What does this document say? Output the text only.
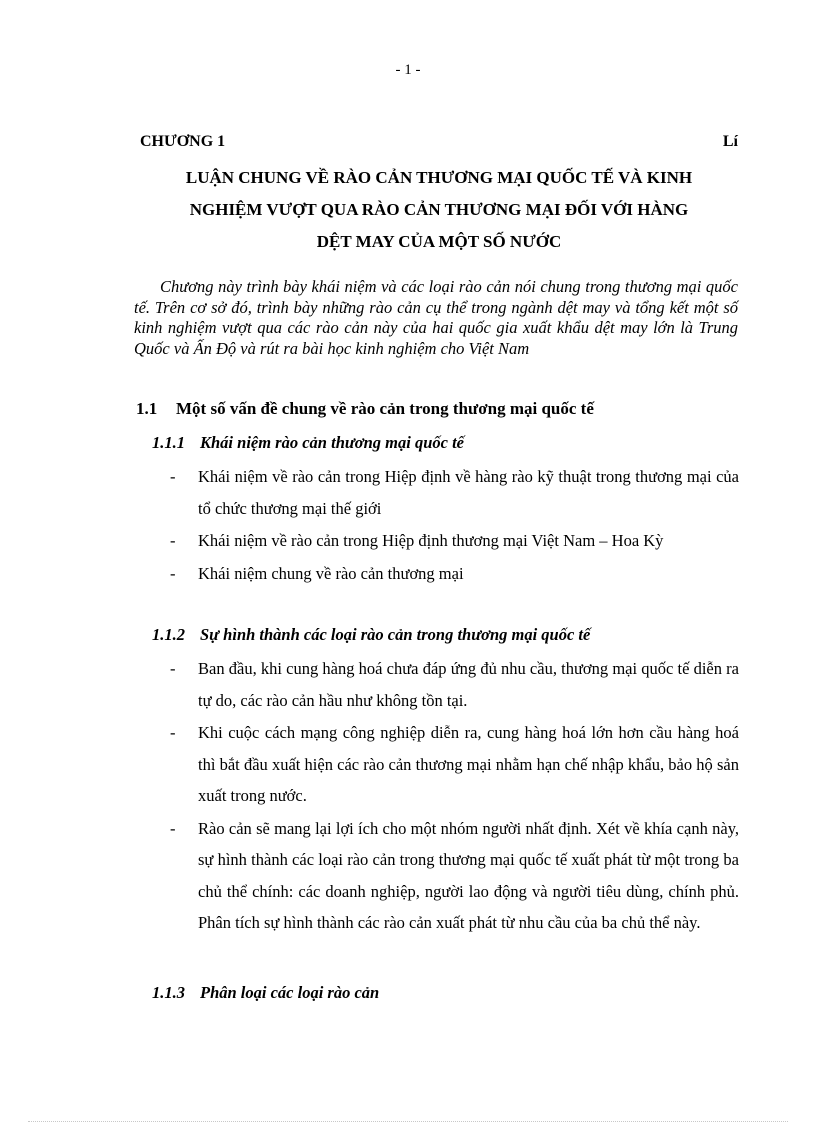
- 1 -
CHƯƠNG 1	Lí
LUẬN CHUNG VỀ RÀO CẢN THƯƠNG MẠI QUỐC TẾ VÀ KINH
NGHIỆM VƯỢT QUA RÀO CẢN THƯƠNG MẠI ĐỐI VỚI HÀNG
DỆT MAY CỦA MỘT SỐ NƯỚC

Chương này trình bày khái niệm và các loại rào cản nói chung trong thương mại quốc tế. Trên cơ sở đó, trình bày những rào cản cụ thể trong ngành dệt may và tổng kết một số kinh nghiệm vượt qua các rào cản này của hai quốc gia xuất khẩu dệt may lớn là Trung Quốc và Ấn Độ và rút ra bài học kinh nghiệm cho Việt Nam

1.1 Một số vấn đề chung về rào cản trong thương mại quốc tế
1.1.1 Khái niệm rào cản thương mại quốc tế
-	Khái niệm về rào cản trong Hiệp định về hàng rào kỹ thuật trong thương mại của tổ chức thương mại thế giới
-	Khái niệm về rào cản trong Hiệp định thương mại Việt Nam – Hoa Kỳ
-	Khái niệm chung về rào cản thương mại
1.1.2 Sự hình thành các loại rào cản trong thương mại quốc tế
-	Ban đầu, khi cung hàng hoá chưa đáp ứng đủ nhu cầu, thương mại quốc tế diễn ra tự do, các rào cản hầu như không tồn tại.
-	Khi cuộc cách mạng công nghiệp diễn ra, cung hàng hoá lớn hơn cầu hàng hoá thì bắt đầu xuất hiện các rào cản thương mại nhằm hạn chế nhập khẩu, bảo hộ sản xuất trong nước.
-	Rào cản sẽ mang lại lợi ích cho một nhóm người nhất định. Xét về khía cạnh này, sự hình thành các loại rào cản trong thương mại quốc tế xuất phát từ một trong ba chủ thể chính: các doanh nghiệp, người lao động và người tiêu dùng, chính phủ. Phân tích sự hình thành các rào cản xuất phát từ nhu cầu của ba chủ thể này.
1.1.3 Phân loại các loại rào cản
